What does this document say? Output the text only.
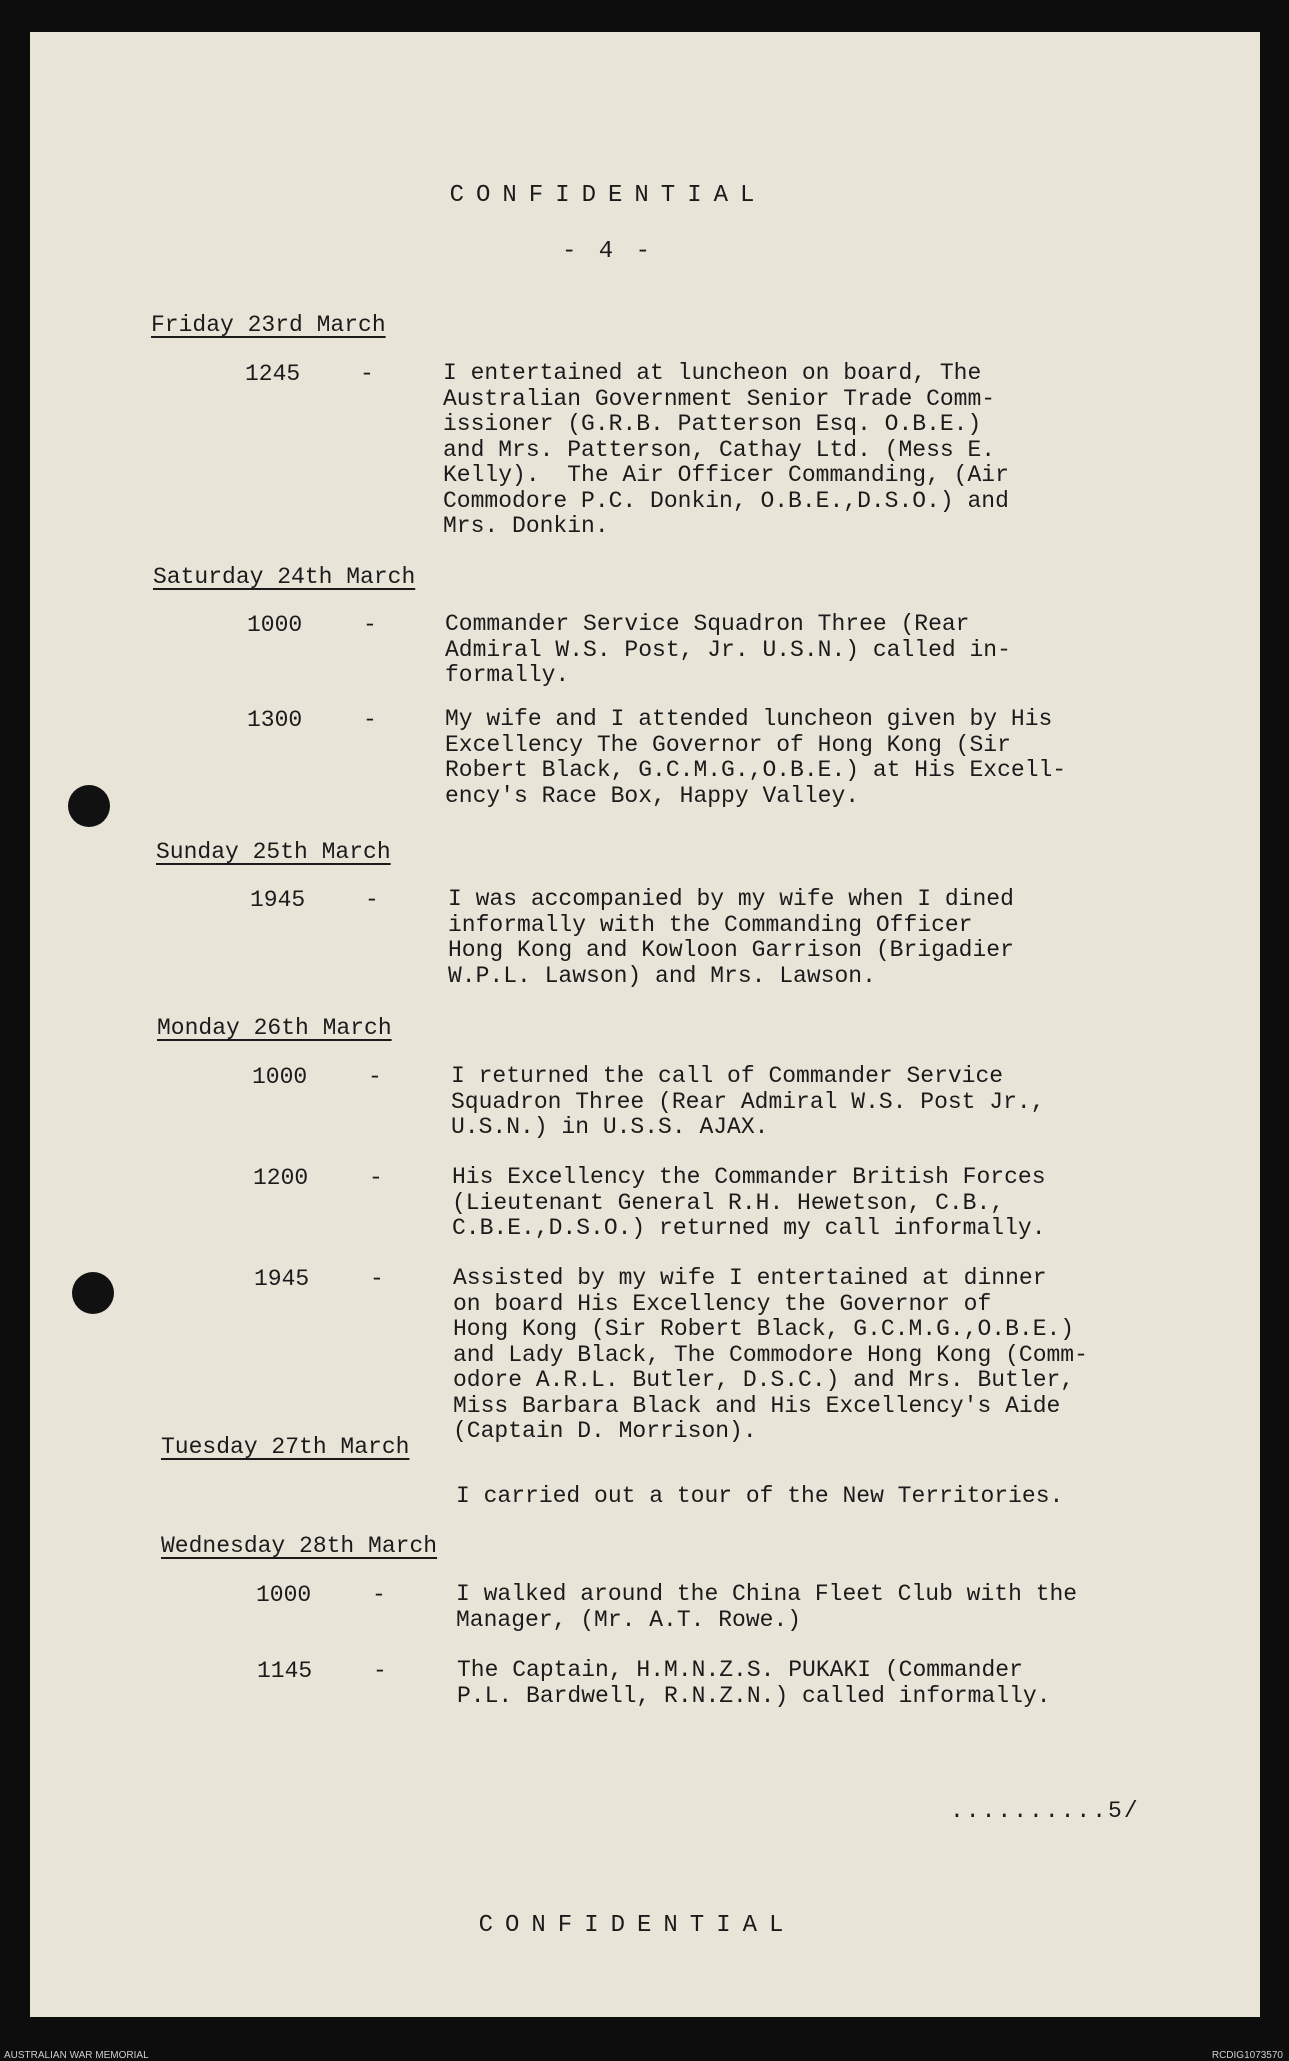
CONFIDENTIAL
- 4 -
Friday 23rd March
1245	-	I entertained at luncheon on board, The
Australian Government Senior Trade Comm-
issioner (G.R.B. Patterson Esq. O.B.E.)
and Mrs. Patterson, Cathay Ltd. (Mess E.
Kelly).  The Air Officer Commanding, (Air
Commodore P.C. Donkin, O.B.E.,D.S.O.) and
Mrs. Donkin.
Saturday 24th March
1000	-	Commander Service Squadron Three (Rear
Admiral W.S. Post, Jr. U.S.N.) called in-
formally.
1300	-	My wife and I attended luncheon given by His
Excellency The Governor of Hong Kong (Sir
Robert Black, G.C.M.G.,O.B.E.) at His Excell-
ency's Race Box, Happy Valley.
Sunday 25th March
1945	-	I was accompanied by my wife when I dined
informally with the Commanding Officer
Hong Kong and Kowloon Garrison (Brigadier
W.P.L. Lawson) and Mrs. Lawson.
Monday 26th March
1000	-	I returned the call of Commander Service
Squadron Three (Rear Admiral W.S. Post Jr.,
U.S.N.) in U.S.S. AJAX.
1200	-	His Excellency the Commander British Forces
(Lieutenant General R.H. Hewetson, C.B.,
C.B.E.,D.S.O.) returned my call informally.
1945	-	Assisted by my wife I entertained at dinner
on board His Excellency the Governor of
Hong Kong (Sir Robert Black, G.C.M.G.,O.B.E.)
and Lady Black, The Commodore Hong Kong (Comm-
odore A.R.L. Butler, D.S.C.) and Mrs. Butler,
Miss Barbara Black and His Excellency's Aide
(Captain D. Morrison).
Tuesday 27th March
I carried out a tour of the New Territories.
Wednesday 28th March
1000	-	I walked around the China Fleet Club with the
Manager, (Mr. A.T. Rowe.)
1145	-	The Captain, H.M.N.Z.S. PUKAKI (Commander
P.L. Bardwell, R.N.Z.N.) called informally.
..........5/
CONFIDENTIAL
AUSTRALIAN WAR MEMORIAL	RCDIG1073570
